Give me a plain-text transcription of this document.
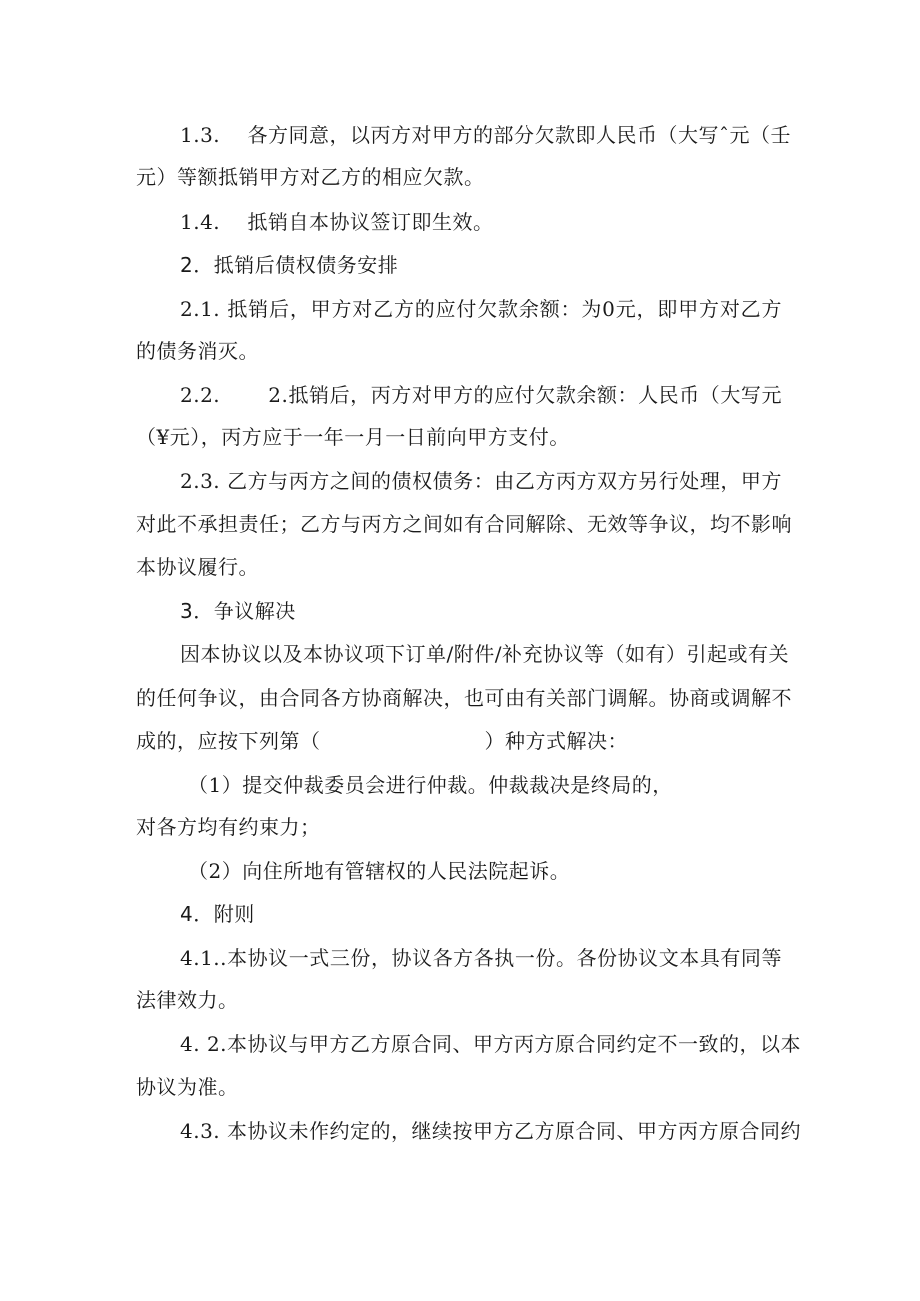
1.3.　 各方同意，以丙方对甲方的部分欠款即人民币（大写ˆ元（壬
元）等额抵销甲方对乙方的相应欠款。
1.4.　 抵销自本协议签订即生效。
2．抵销后债权债务安排
2.1. 抵销后，甲方对乙方的应付欠款余额：为0元，即甲方对乙方
的债务消灭。
2.2.　　 2.抵销后，丙方对甲方的应付欠款余额：人民币（大写元
（¥元），丙方应于一年一月一日前向甲方支付。
2.3. 乙方与丙方之间的债权债务：由乙方丙方双方另行处理，甲方
对此不承担责任；乙方与丙方之间如有合同解除、无效等争议，均不影响
本协议履行。
3．争议解决
因本协议以及本协议项下订单/附件/补充协议等（如有）引起或有关
的任何争议，由合同各方协商解决，也可由有关部门调解。协商或调解不
成的，应按下列第（　　　　　　　　）种方式解决：
（1）提交仲裁委员会进行仲裁。仲裁裁决是终局的，
对各方均有约束力；
（2）向住所地有管辖权的人民法院起诉。
4．附则
4.1..本协议一式三份，协议各方各执一份。各份协议文本具有同等
法律效力。
4. 2.本协议与甲方乙方原合同、甲方丙方原合同约定不一致的，以本
协议为准。
4.3. 本协议未作约定的，继续按甲方乙方原合同、甲方丙方原合同约
